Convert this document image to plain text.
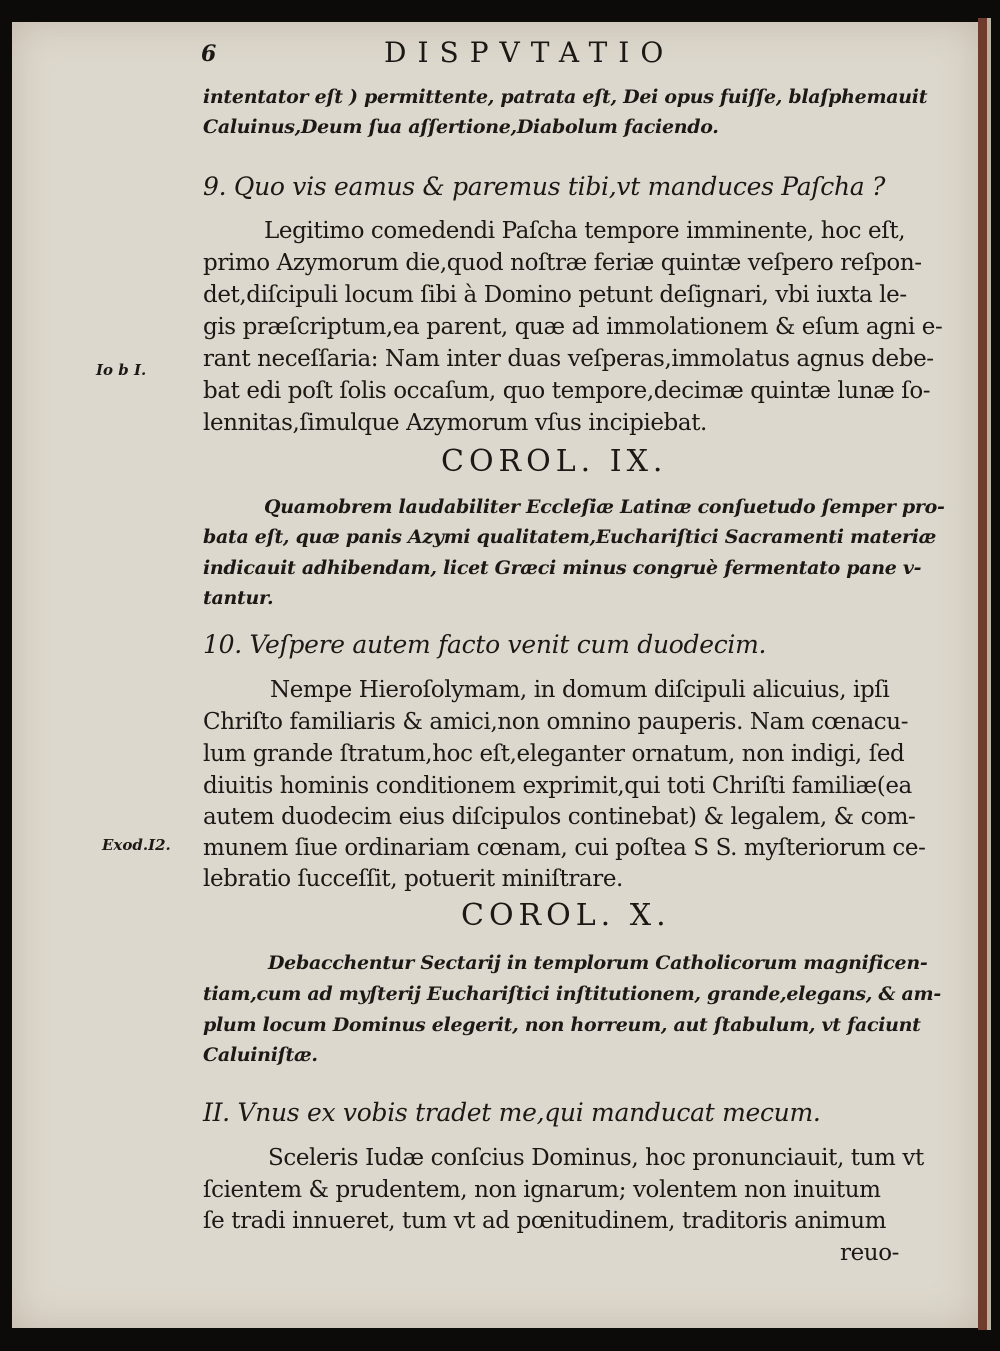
6	DISPVTATIO
Io b I.
Exod.I2.
intentator eſt ) permittente, patrata eſt, Dei opus fuiſſe, blaſphemauit
Caluinus,Deum ſua aſſertione,Diabolum faciendo.
9. Quo vis eamus & paremus tibi,vt manduces Paſcha ?
Legitimo comedendi Paſcha tempore imminente, hoc eſt,
primo Azymorum die,quod noſtræ feriæ quintæ veſpero reſpon-
det,diſcipuli locum ſibi à Domino petunt deſignari, vbi iuxta le-
gis præſcriptum,ea parent, quæ ad immolationem & eſum agni e-
rant neceſſaria: Nam inter duas veſperas,immolatus agnus debe-
bat edi poſt ſolis occaſum, quo tempore,decimæ quintæ lunæ ſo-
lennitas,ſimulque Azymorum vſus incipiebat.
COROL. IX.
Quamobrem laudabiliter Eccleſiæ Latinæ conſuetudo ſemper pro-
bata eſt, quæ panis Azymi qualitatem,Euchariſtici Sacramenti materiæ
indicauit adhibendam, licet Græci minus congruè fermentato pane v-
tantur.
10. Veſpere autem facto venit cum duodecim.
Nempe Hieroſolymam, in domum diſcipuli alicuius, ipſi
Chriſto familiaris & amici,non omnino pauperis. Nam cœnacu-
lum grande ſtratum,hoc eſt,eleganter ornatum, non indigi, ſed
diuitis hominis conditionem exprimit,qui toti Chriſti familiæ(ea
autem duodecim eius diſcipulos continebat) & legalem, & com-
munem ſiue ordinariam cœnam, cui poſtea S S. myſteriorum ce-
lebratio ſucceſſit, potuerit miniſtrare.
COROL. X.
Debacchentur Sectarij in templorum Catholicorum magnificen-
tiam,cum ad myſterij Euchariſtici inſtitutionem, grande,elegans, & am-
plum locum Dominus elegerit, non horreum, aut ſtabulum, vt faciunt
Caluiniſtæ.
II. Vnus ex vobis tradet me,qui manducat mecum.
Sceleris Iudæ conſcius Dominus, hoc pronunciauit, tum vt
ſcientem & prudentem, non ignarum; volentem non inuitum
ſe tradi innueret, tum vt ad pœnitudinem, traditoris animum
reuo-
